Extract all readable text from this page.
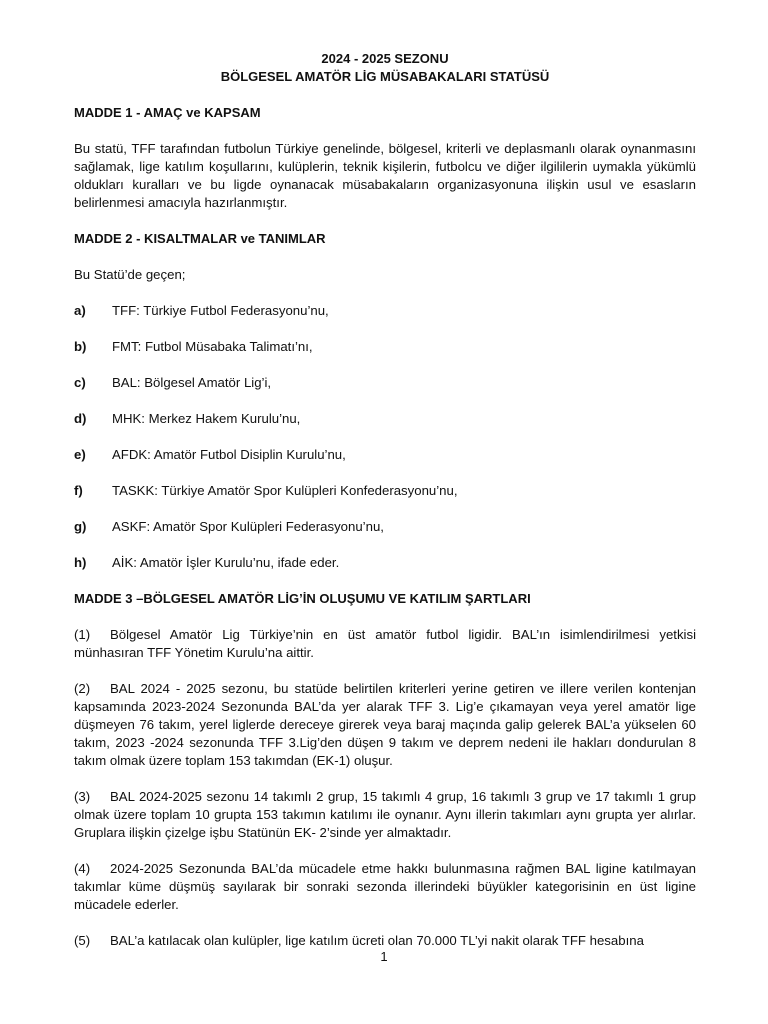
2024 - 2025 SEZONU
BÖLGESEL AMATÖR LİG MÜSABAKALARI STATÜSÜ

MADDE 1 - AMAÇ ve KAPSAM

Bu statü, TFF tarafından futbolun Türkiye genelinde, bölgesel, kriterli ve deplasmanlı olarak oynanmasını sağlamak, lige katılım koşullarını, kulüplerin, teknik kişilerin, futbolcu ve diğer ilgililerin uymakla yükümlü oldukları kuralları ve bu ligde oynanacak müsabakaların organizasyonuna ilişkin usul ve esasların belirlenmesi amacıyla hazırlanmıştır.

MADDE 2 - KISALTMALAR ve TANIMLAR

Bu Statü’de geçen;

a)	TFF: Türkiye Futbol Federasyonu’nu,
b)	FMT: Futbol Müsabaka Talimatı’nı,
c)	BAL: Bölgesel Amatör Lig’i,
d)	MHK: Merkez Hakem Kurulu’nu,
e)	AFDK: Amatör Futbol Disiplin Kurulu’nu,
f)	TASKK: Türkiye Amatör Spor Kulüpleri Konfederasyonu’nu,
g)	ASKF: Amatör Spor Kulüpleri Federasyonu’nu,
h)	AİK: Amatör İşler Kurulu’nu, ifade eder.

MADDE 3 –BÖLGESEL AMATÖR LİG’İN OLUŞUMU VE KATILIM ŞARTLARI

(1) Bölgesel Amatör Lig Türkiye’nin en üst amatör futbol ligidir. BAL’ın isimlendirilmesi yetkisi münhasıran TFF Yönetim Kurulu’na aittir.

(2) BAL 2024 - 2025 sezonu, bu statüde belirtilen kriterleri yerine getiren ve illere verilen kontenjan kapsamında 2023-2024 Sezonunda BAL’da yer alarak TFF 3. Lig’e çıkamayan veya yerel amatör lige düşmeyen 76 takım, yerel liglerde dereceye girerek veya baraj maçında galip gelerek BAL’a yükselen 60 takım, 2023 -2024 sezonunda TFF 3.Lig’den düşen 9 takım ve deprem nedeni ile hakları dondurulan 8 takım olmak üzere toplam 153 takımdan (EK-1) oluşur.

(3) BAL 2024-2025 sezonu 14 takımlı 2 grup, 15 takımlı 4 grup, 16 takımlı 3 grup ve 17 takımlı 1 grup olmak üzere toplam 10 grupta 153 takımın katılımı ile oynanır. Aynı illerin takımları aynı grupta yer alırlar. Gruplara ilişkin çizelge işbu Statünün EK- 2’sinde yer almaktadır.

(4) 2024-2025 Sezonunda BAL’da mücadele etme hakkı bulunmasına rağmen BAL ligine katılmayan takımlar küme düşmüş sayılarak bir sonraki sezonda illerindeki büyükler kategorisinin en üst ligine mücadele ederler.

(5) BAL’a katılacak olan kulüpler, lige katılım ücreti olan 70.000 TL’yi nakit olarak TFF hesabına

1
